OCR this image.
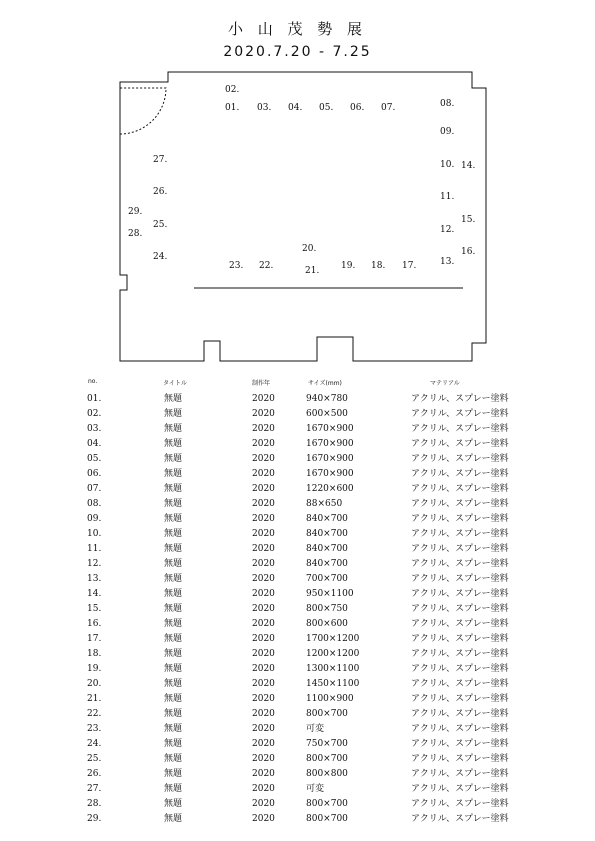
小 山 茂 勢 展
2020.7.20 - 7.25
01.
02.
03. 04. 05. 06. 07.	08.
09.
10.
11.
12.
13.
14.
15.
16.
17.
18.
19.
20.
21.
22.
23.
24.
25.
26.
27.
28.
29.
no.	タイトル	制作年	サイズ(mm)	マテリアル
01.	無題	2020	940×780	アクリル、スプレー塗料
02.	無題	2020	600×500	アクリル、スプレー塗料
03.	無題	2020	1670×900	アクリル、スプレー塗料
04.	無題	2020	1670×900	アクリル、スプレー塗料
05.	無題	2020	1670×900	アクリル、スプレー塗料
06.	無題	2020	1670×900	アクリル、スプレー塗料
07.	無題	2020	1220×600	アクリル、スプレー塗料
08.	無題	2020	88×650	アクリル、スプレー塗料
09.	無題	2020	840×700	アクリル、スプレー塗料
10.	無題	2020	840×700	アクリル、スプレー塗料
11.	無題	2020	840×700	アクリル、スプレー塗料
12.	無題	2020	840×700	アクリル、スプレー塗料
13.	無題	2020	700×700	アクリル、スプレー塗料
14.	無題	2020	950×1100	アクリル、スプレー塗料
15.	無題	2020	800×750	アクリル、スプレー塗料
16.	無題	2020	800×600	アクリル、スプレー塗料
17.	無題	2020	1700×1200	アクリル、スプレー塗料
18.	無題	2020	1200×1200	アクリル、スプレー塗料
19.	無題	2020	1300×1100	アクリル、スプレー塗料
20.	無題	2020	1450×1100	アクリル、スプレー塗料
21.	無題	2020	1100×900	アクリル、スプレー塗料
22.	無題	2020	800×700	アクリル、スプレー塗料
23.	無題	2020	可変	アクリル、スプレー塗料
24.	無題	2020	750×700	アクリル、スプレー塗料
25.	無題	2020	800×700	アクリル、スプレー塗料
26.	無題	2020	800×800	アクリル、スプレー塗料
27.	無題	2020	可変	アクリル、スプレー塗料
28.	無題	2020	800×700	アクリル、スプレー塗料
29.	無題	2020	800×700	アクリル、スプレー塗料
